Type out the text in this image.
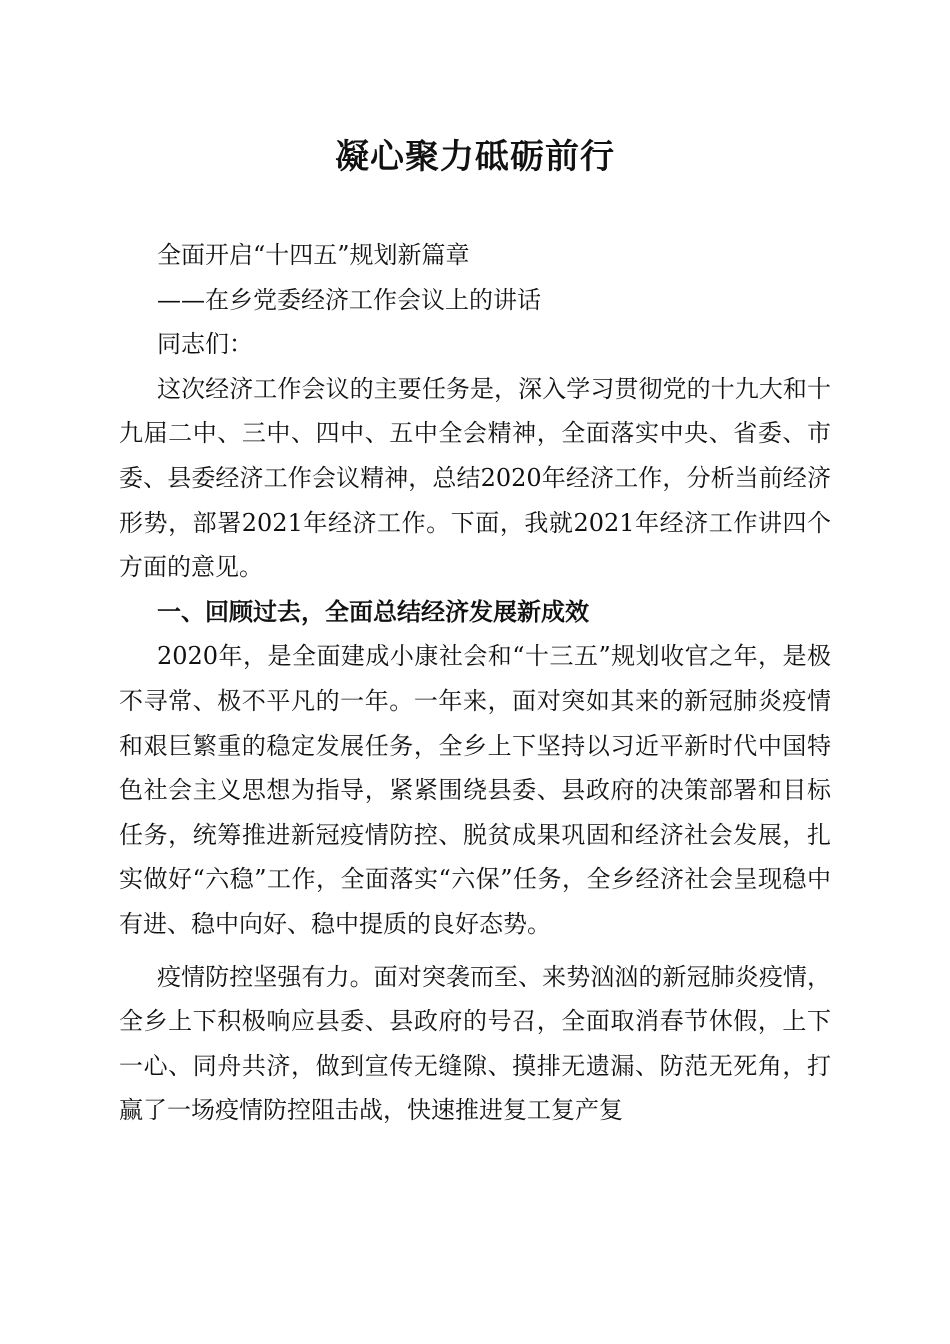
凝心聚力砥砺前行

全面开启“十四五”规划新篇章

——在乡党委经济工作会议上的讲话

同志们：

这次经济工作会议的主要任务是，深入学习贯彻党的十九大和十九届二中、三中、四中、五中全会精神，全面落实中央、省委、市委、县委经济工作会议精神，总结2020年经济工作，分析当前经济形势，部署2021年经济工作。下面，我就2021年经济工作讲四个方面的意见。

一、回顾过去，全面总结经济发展新成效

2020年，是全面建成小康社会和“十三五”规划收官之年，是极不寻常、极不平凡的一年。一年来，面对突如其来的新冠肺炎疫情和艰巨繁重的稳定发展任务，全乡上下坚持以习近平新时代中国特色社会主义思想为指导，紧紧围绕县委、县政府的决策部署和目标任务，统筹推进新冠疫情防控、脱贫成果巩固和经济社会发展，扎实做好“六稳”工作，全面落实“六保”任务，全乡经济社会呈现稳中有进、稳中向好、稳中提质的良好态势。

疫情防控坚强有力。面对突袭而至、来势汹汹的新冠肺炎疫情，全乡上下积极响应县委、县政府的号召，全面取消春节休假，上下一心、同舟共济，做到宣传无缝隙、摸排无遗漏、防范无死角，打赢了一场疫情防控阻击战，快速推进复工复产复
